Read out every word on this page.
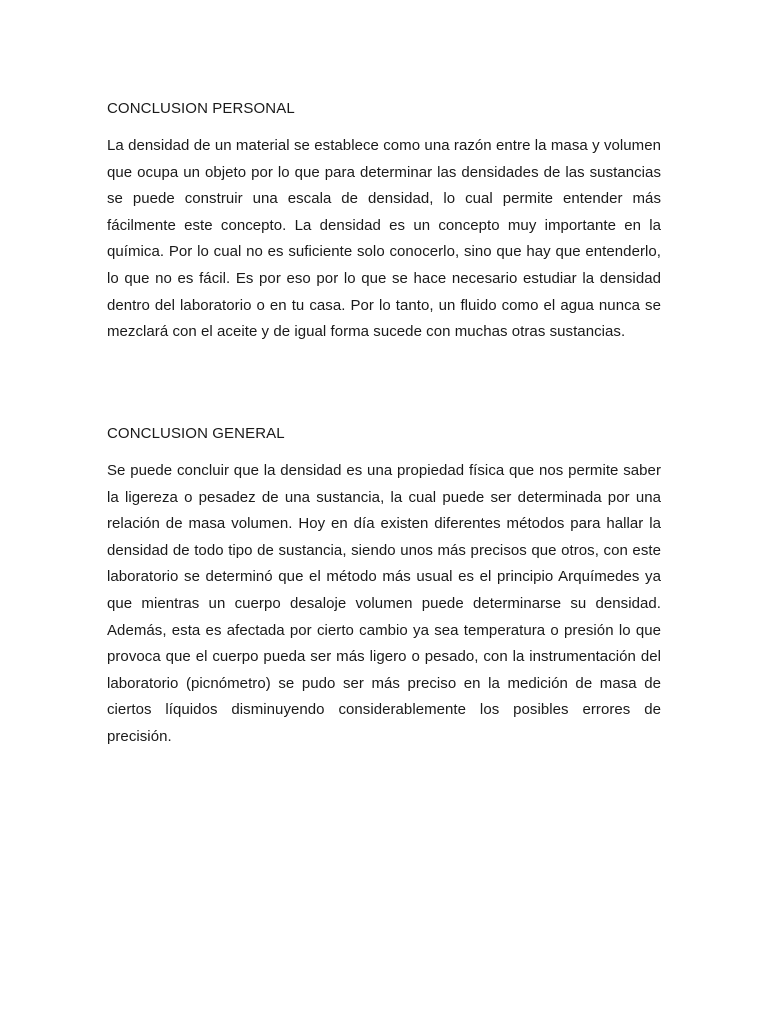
CONCLUSION PERSONAL

La densidad de un material se establece como una razón entre la masa y volumen que ocupa un objeto por lo que para determinar las densidades de las sustancias se puede construir una escala de densidad, lo cual permite entender más fácilmente este concepto. La densidad es un concepto muy importante en la química. Por lo cual no es suficiente solo conocerlo, sino que hay que entenderlo, lo que no es fácil. Es por eso por lo que se hace necesario estudiar la densidad dentro del laboratorio o en tu casa. Por lo tanto, un fluido como el agua nunca se mezclará con el aceite y de igual forma sucede con muchas otras sustancias.

CONCLUSION GENERAL

Se puede concluir que la densidad es una propiedad física que nos permite saber la ligereza o pesadez de una sustancia, la cual puede ser determinada por una relación de masa volumen. Hoy en día existen diferentes métodos para hallar la densidad de todo tipo de sustancia, siendo unos más precisos que otros, con este laboratorio se determinó que el método más usual es el principio Arquímedes ya que mientras un cuerpo desaloje volumen puede determinarse su densidad. Además, esta es afectada por cierto cambio ya sea temperatura o presión lo que provoca que el cuerpo pueda ser más ligero o pesado, con la instrumentación del laboratorio (picnómetro) se pudo ser más preciso en la medición de masa de ciertos líquidos disminuyendo considerablemente los posibles errores de precisión.
